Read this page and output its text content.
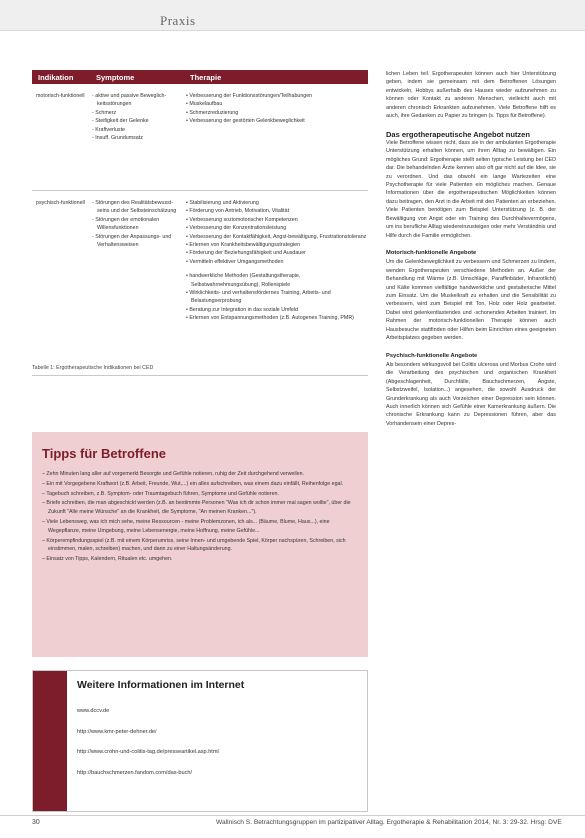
Praxis
Indikation	Symptome	Therapie
motorisch-funktionell	- aktive und passive Beweglich-keitsstörungen
- Schmerz
- Steifigkeit der Gelenke
- Kraftverluste
- Insuff. Grundumsatz
• Verbesserung der Funktionsstörungen/Teilhabungen
• Muskelaufbau
• Schmerzreduzierung
• Verbesserung der gestörten Gelenkbeweglichkeit
psychisch-funktionell	- Störungen des Realitätsbewusst-seins und der Selbsteinschätzung
- Störungen der emotionalen Willensfunktionen
- Störungen der Anpassungs- und Verhaltensweisen
• Stabilisierung und Aktivierung
• Förderung von Antrieb, Motivation, Vitalität
• Verbesserung soziomotorischer Kompetenzen
• Verbesserung der Konzentrationsleistung
• Verbesserung der Kontaktfähigkeit, Angst-bewältigung, Frustrationstoleranz
• Erlernen von Krankheitsbewältigungsstrategien
• Förderung der Beziehungsfähigkeit und Ausdauer
• Vermitteln effektiver Umgangsmethoden
• handwerkliche Methoden (Gestaltungstherapie, Selbstwahrnehmungsübung), Rollenspiele
• Wirklichkeits- und verhaltensfördernes Training, Arbeits- und Belastungserprobung
• Beratung zur Integration in das soziale Umfeld
• Erlernen von Entspannungsmethoden (z.B. Autogenes Training, PMR)
Tabelle 1: Ergotherapeutische Indikationen bei CED
Tipps für Betroffene
– Zehn Minuten lang aller auf vorgemerkt Besorgte und Gefühle notieren, ruhig der Zeit durchgehend verweilen.
– Ein mit Vorgegebene Kraftwort (z.B. Arbeit, Freunde, Wut,...) ein alles aufschreiben, was einem dazu einfällt, Reihenfolge egal.
– Tagebuch schreiben, z.B. Symptom- oder Traumtagebuch führen, Symptome und Gefühle notieren.
– Briefe schreiben, die man abgeschickt werden (z.B. an bestimmte Personen "Was ich dir schon immer mal sagen wollte", über die Zukunft "Alle meine Wünsche" an die Krankheit, die Symptome, "An meinen Kranken...").
– Viele Lebensweg, was ich mich sehe, meine Ressourcen - meine Problemzonen, ich als... (Bäume, Blume, Haus...), eine Wegepflanze, meine Umgebung, meine Lebensenergie, meine Hoffnung, meine Gefühle...
– Körperempfindungsspiel (z.B. mit einem Körperumriss, seine Innen- und umgebende Spiel, Körper nachspüren, Schreiben, sich einstimmen, malen, schreiben) machen, und dann zu einer Haltungsänderung.
– Einsatz von Tipps, Kalendern, Ritualen etc. umgehen.
Weitere Informationen im Internet
www.dccv.de
http://www.kmr-peter-dehner.de/
http://www.crohn-und-colitis-tag.de/presseartikel.asp.html
http://bauchschmerzen.fandom.com/das-buch/

lichen Leben teil. Ergotherapeuten können auch hier Unterstützung geben, indem sie gemeinsam mit dem Betroffenen Lösungen entwickeln, Hobbys außerhalb des Hauses wieder aufzunehmen zu können oder Kontakt zu anderen Menschen, vielleicht auch mit anderen chronisch Erkrankten aufzunehmen. Viele Betroffene hilft es auch, ihre Gedanken zu Papier zu bringen (s. Tipps für Betroffene).

Das ergotherapeutische Angebot nutzen

Viele Betroffene wissen nicht, dass sie in der ambulanten Ergotherapie Unterstützung erhalten können, um ihren Alltag zu bewältigen. Ein mögliches Grund: Ergotherapie stellt selten typische Leistung bei CED dar. Die behandelnden Ärzte kennen also oft gar nicht auf die Idee, sie zu verordnen. Und das obwohl ein lange Wartezeiten eine Psychotherapie für viele Patienten ein mögliches machen. Genaue Informationen über die ergotherapeutischen Möglichkeiten können dazu beitragen, den Arzt in die Arbeit mit den Patienten an erbeziehen. Viele Patienten benötigen zum Beispiel Unterstützung (z. B. der Bewältigung von Angst oder ein Training des Durchhaltevermögens, um ins berufliche Alltag wiedereinzusteigen oder mehr Verständnis und Hilfe durch die Familie ermöglichen.

Motorisch-funktionelle Angebote

Um die Gelenkbeweglichkeit zu verbessern und Schmerzen zu lindern, wenden Ergotherapeuten verschiedene Methoden an. Außer der Behandlung mit Wärme (z.B. Umschläge, Paraffinbäder, Infrarotlicht) und Kälte kommen vielfältige handwerkliche und gestalterische Mittel zum Einsatz. Um die Muskelkraft zu erhalten und die Sensibilität zu verbessern, wird zum Beispiel mit Ton, Holz oder Holz gearbeitet. Dabei wird gelenkentlastendes und -schonendes Arbeiten trainiert. Im Rahmen der motorisch-funktionellen Therapie können auch Hausbesuche stattfinden oder Hilfen beim Einrichten eines geeigneten Arbeitsplatzes gegeben werden.

Psychisch-funktionelle Angebote

Als besonders wirkungsvoll bei Colitis ulcerosa und Morbus Crohn wird die Verarbeitung des psychischen und organischen Krankheit (Abgeschlagenheit, Durchfälle, Bauchschmerzen, Ängste, Selbstzweifel, Isolation...) angesehen, die sowohl Ausdruck der Grunderkrankung als auch Vorzeichen einer Depression sein können. Auch innerlich können sich Gefühle einer Kamerkrankung äußern. Die chronische Erkrankung kann zu Depressionen führen, aber das Vorhandensein einer Depres-

30	Wallnisch S. Betrachtungsgruppen im partizipativer Alltag. Ergotherapie & Rehabilitation 2014, Nr. 3: 29-32. Hrsg: DVE
